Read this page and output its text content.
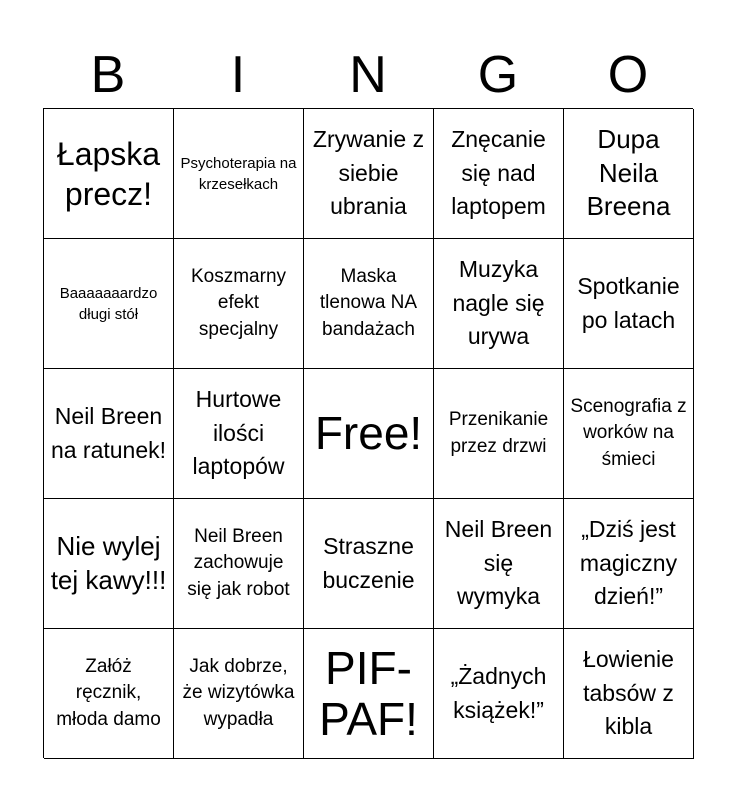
B	I	N	G	O
Łapska precz!
Psychoterapia na krzesełkach
Zrywanie z siebie ubrania
Znęcanie się nad laptopem
Dupa Neila Breena
Baaaaaaardzo długi stół
Koszmarny efekt specjalny
Maska tlenowa NA bandażach
Muzyka nagle się urywa
Spotkanie po latach
Neil Breen na ratunek!
Hurtowe ilości laptopów
Free!	Przenikanie przez drzwi
Scenografia z worków na śmieci
Nie wylej tej kawy!!!
Neil Breen zachowuje się jak robot
Straszne buczenie
Neil Breen się wymyka
„Dziś jest magiczny dzień!”
Załóż ręcznik, młoda damo
Jak dobrze, że wizytówka wypadła
PIF-PAF!
„Żadnych książek!”
Łowienie tabsów z kibla
